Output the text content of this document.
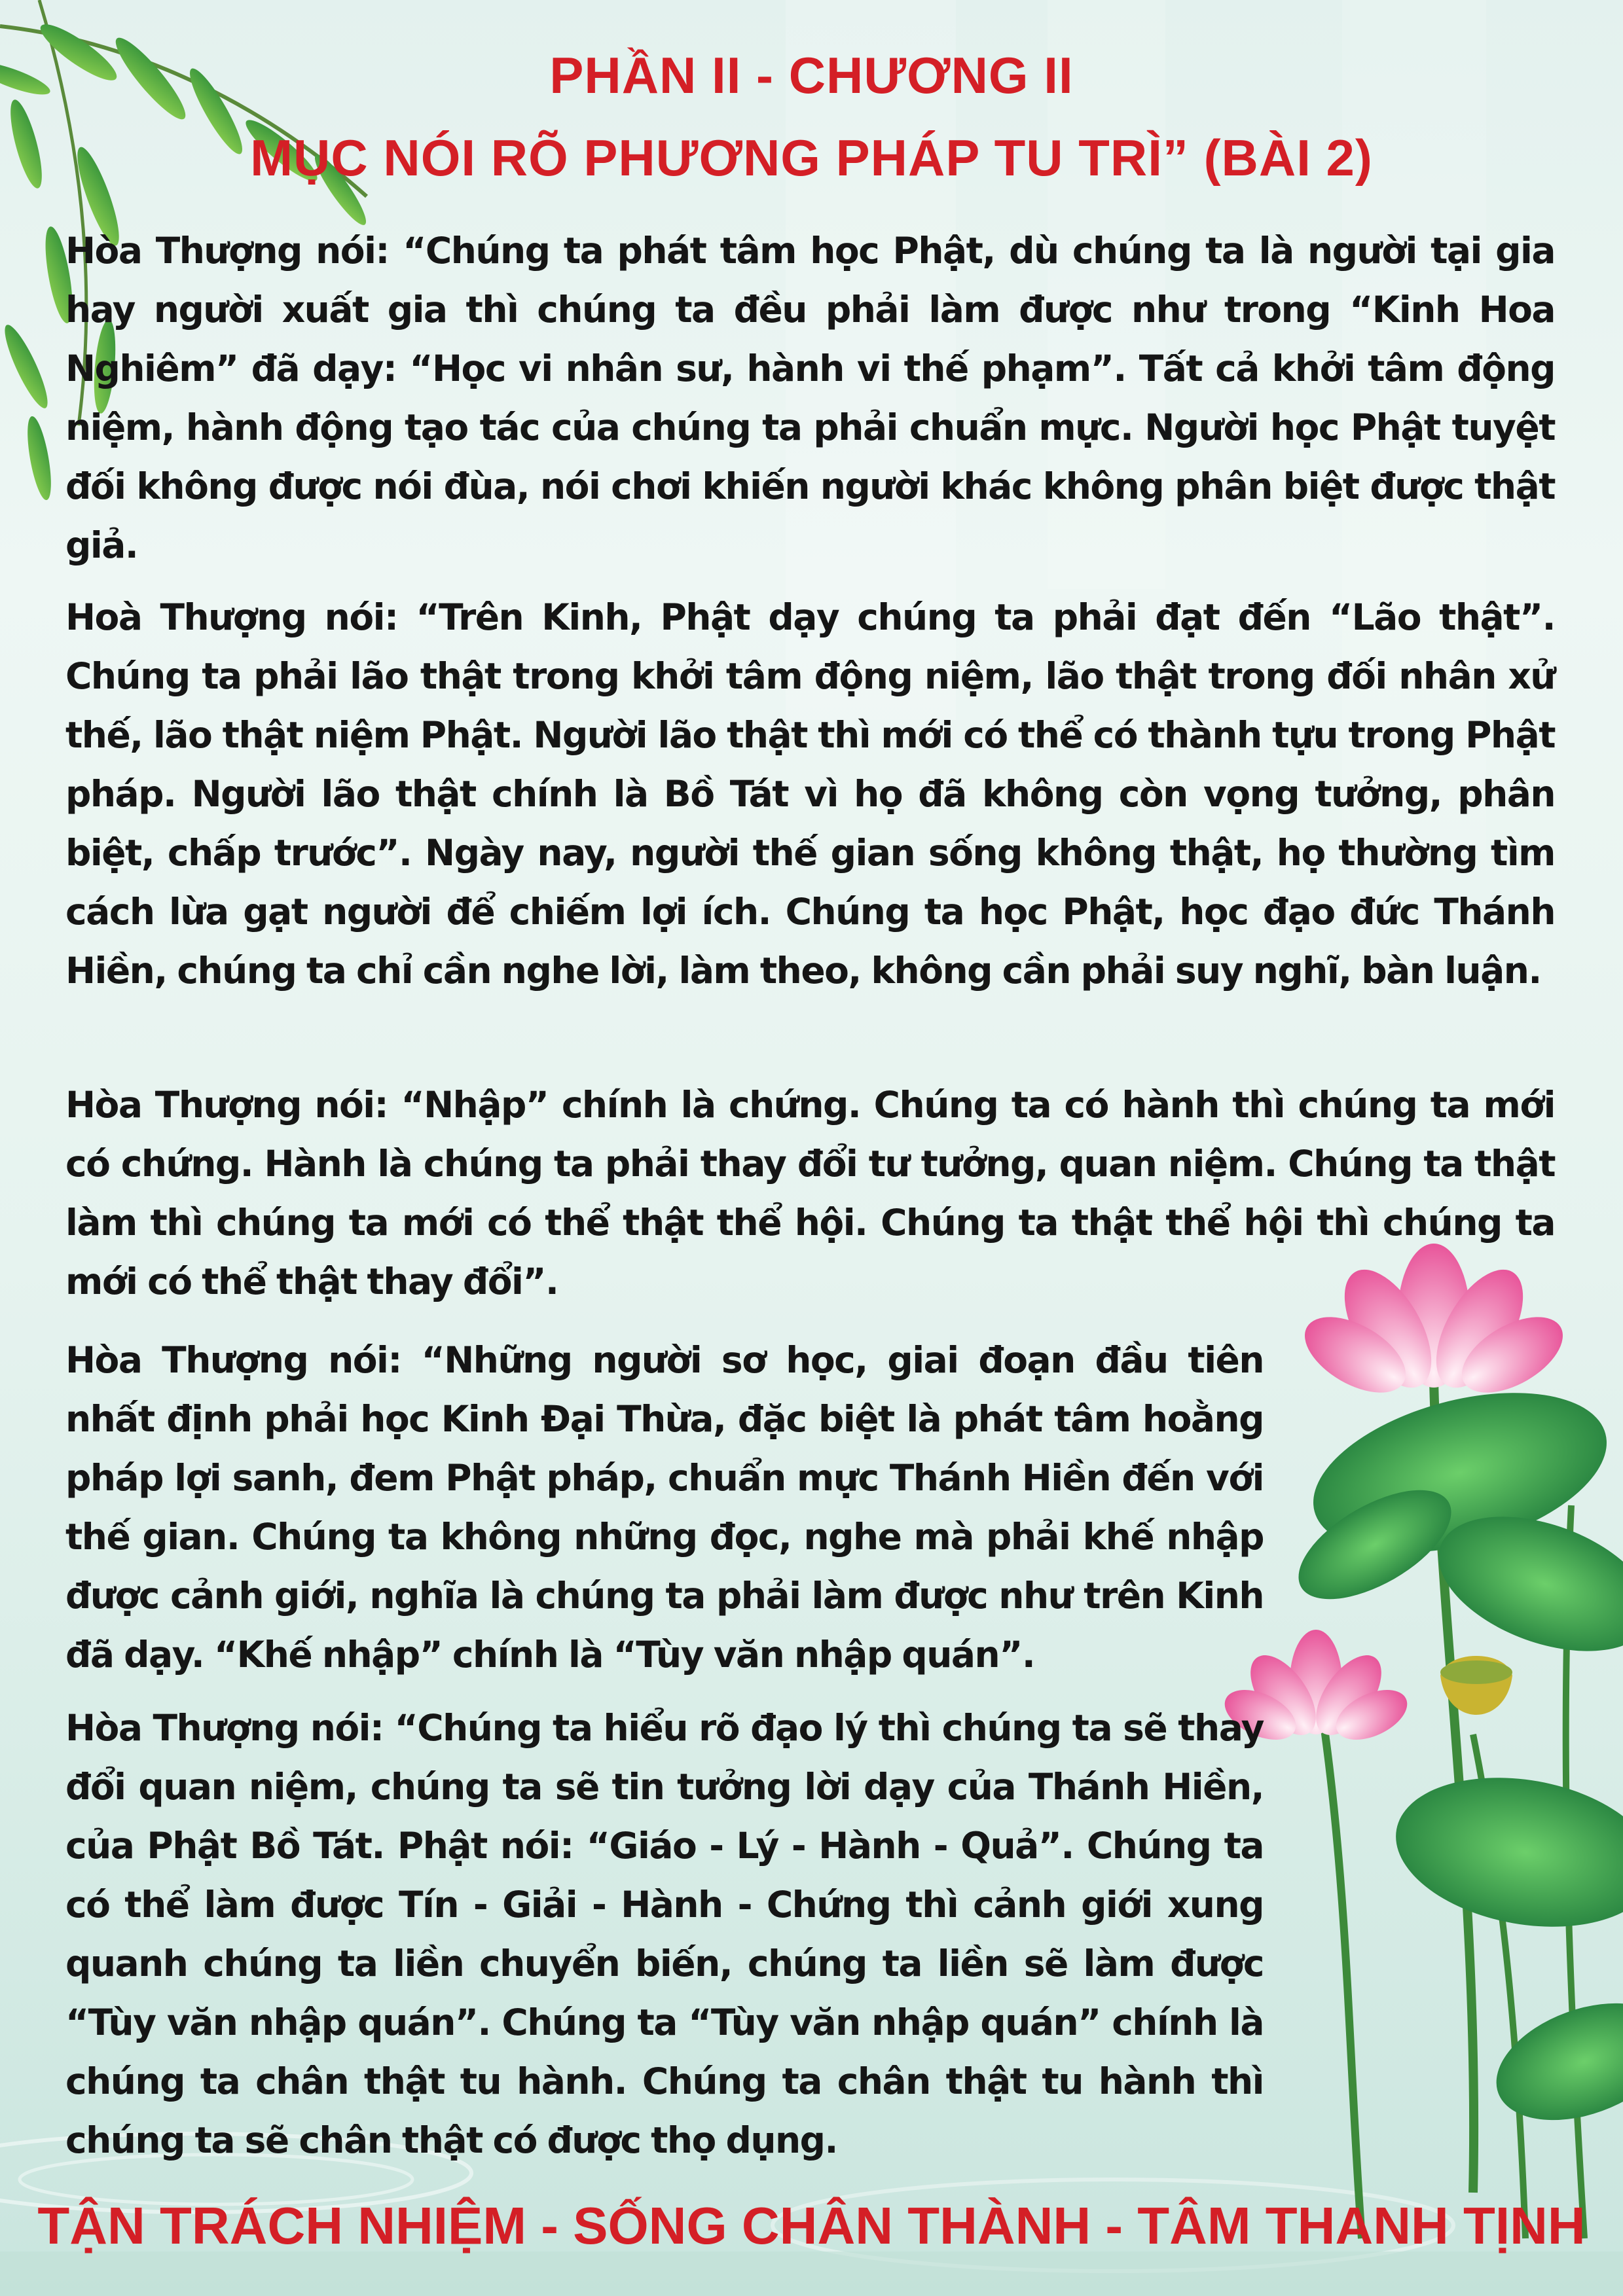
PHẦN II - CHƯƠNG II
MỤC NÓI RÕ PHƯƠNG PHÁP TU TRÌ” (BÀI 2)

Hòa Thượng nói: “Chúng ta phát tâm học Phật, dù chúng ta là người tại gia hay người xuất gia thì chúng ta đều phải làm được như trong “Kinh Hoa Nghiêm” đã dạy: “Học vi nhân sư, hành vi thế phạm”. Tất cả khởi tâm động niệm, hành động tạo tác của chúng ta phải chuẩn mực. Người học Phật tuyệt đối không được nói đùa, nói chơi khiến người khác không phân biệt được thật giả.

Hoà Thượng nói: “Trên Kinh, Phật dạy chúng ta phải đạt đến “Lão thật”. Chúng ta phải lão thật trong khởi tâm động niệm, lão thật trong đối nhân xử thế, lão thật niệm Phật. Người lão thật thì mới có thể có thành tựu trong Phật pháp. Người lão thật chính là Bồ Tát vì họ đã không còn vọng tưởng, phân biệt, chấp trước”. Ngày nay, người thế gian sống không thật, họ thường tìm cách lừa gạt người để chiếm lợi ích. Chúng ta học Phật, học đạo đức Thánh Hiền, chúng ta chỉ cần nghe lời, làm theo, không cần phải suy nghĩ, bàn luận.

Hòa Thượng nói: “Nhập” chính là chứng. Chúng ta có hành thì chúng ta mới có chứng. Hành là chúng ta phải thay đổi tư tưởng, quan niệm. Chúng ta thật làm thì chúng ta mới có thể thật thể hội. Chúng ta thật thể hội thì chúng ta mới có thể thật thay đổi”.

Hòa Thượng nói: “Những người sơ học, giai đoạn đầu tiên nhất định phải học Kinh Đại Thừa, đặc biệt là phát tâm hoằng pháp lợi sanh, đem Phật pháp, chuẩn mực Thánh Hiền đến với thế gian. Chúng ta không những đọc, nghe mà phải khế nhập được cảnh giới, nghĩa là chúng ta phải làm được như trên Kinh đã dạy. “Khế nhập” chính là “Tùy văn nhập quán”.

Hòa Thượng nói: “Chúng ta hiểu rõ đạo lý thì chúng ta sẽ thay đổi quan niệm, chúng ta sẽ tin tưởng lời dạy của Thánh Hiền, của Phật Bồ Tát. Phật nói: “Giáo - Lý - Hành - Quả”. Chúng ta có thể làm được Tín - Giải - Hành - Chứng thì cảnh giới xung quanh chúng ta liền chuyển biến, chúng ta liền sẽ làm được “Tùy văn nhập quán”. Chúng ta “Tùy văn nhập quán” chính là chúng ta chân thật tu hành. Chúng ta chân thật tu hành thì chúng ta sẽ chân thật có được thọ dụng.

TẬN TRÁCH NHIỆM - SỐNG CHÂN THÀNH - TÂM THANH TỊNH
